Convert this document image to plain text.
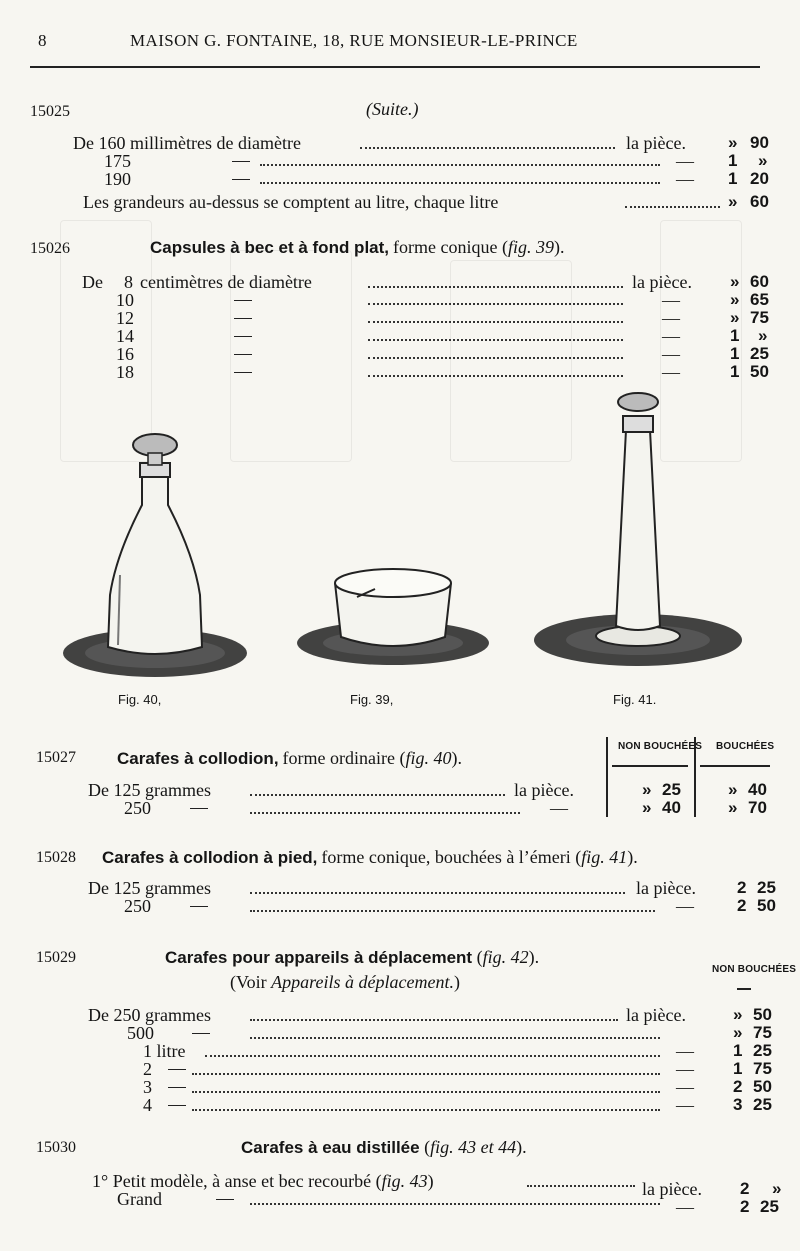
8	MAISON G. FONTAINE, 18, RUE MONSIEUR-LE-PRINCE
15025	(Suite.)
De 160 millimètres de diamètre	la pièce. » 90
175	— 1 »
190	— 1 20
Les grandeurs au-dessus se comptent au litre, chaque litre	» 60
15026	Capsules à bec et à fond plat, forme conique (fig. 39).
De 8 centimètres de diamètre	la pièce. » 60
10	—	» 65
12	—	» 75
14	—	1 »
16	—	1 25
18	—	1 50
Fig. 40,	Fig. 39,	Fig. 41.
15027 Carafes à collodion, forme ordinaire (fig. 40).
NON BOUCHÉES BOUCHÉES
De 125 grammes	la pièce.	» 25	» 40
250	—	» 40	» 70
15028 Carafes à collodion à pied, forme conique, bouchées à l’émeri (fig. 41).
De 125 grammes	la pièce. 2 25
250	—	2 50
15029	Carafes pour appareils à déplacement (fig. 42).
(Voir Appareils à déplacement.)
NON BOUCHÉES
De 250 grammes	la pièce.	» 50
500	» 75
1 litre	— 1 25
2	— 1 75
3	— 2 50
4	— 3 25
15030	Carafes à eau distillée (fig. 43 et 44).
1° Petit modèle, à anse et bec recourbé (fig. 43)	la pièce. 2 »
Grand	—	2 25
